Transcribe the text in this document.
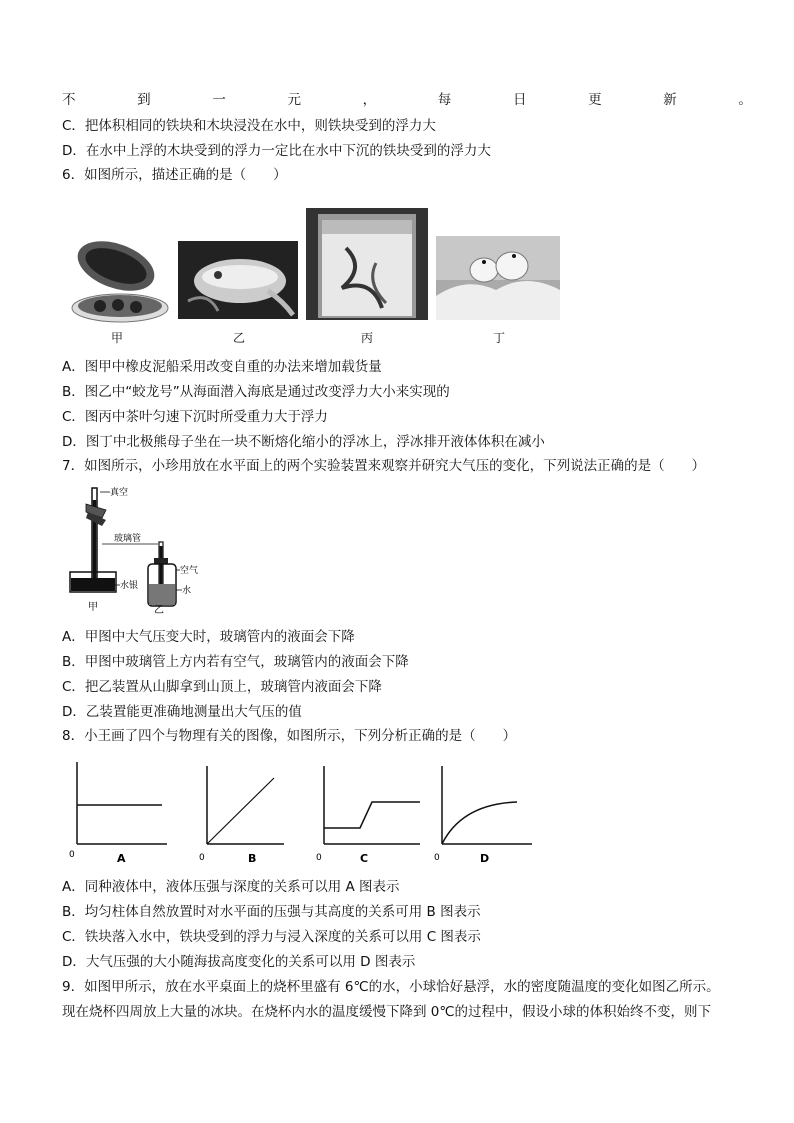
不	到	一	元	，	每	日	更	新	。
C．把体积相同的铁块和木块浸没在水中，则铁块受到的浮力大
D．在水中上浮的木块受到的浮力一定比在水中下沉的铁块受到的浮力大
6．如图所示，描述正确的是（　　）
甲	乙	丙	丁
A．图甲中橡皮泥船采用改变自重的办法来增加载货量
B．图乙中“蛟龙号”从海面潜入海底是通过改变浮力大小来实现的
C．图丙中茶叶匀速下沉时所受重力大于浮力
D．图丁中北极熊母子坐在一块不断熔化缩小的浮冰上，浮冰排开液体体积在减小
7．如图所示，小珍用放在水平面上的两个实验装置来观察并研究大气压的变化，下列说法正确的是（　　）
真空
水银
甲
玻璃管
空气
水
乙
A．甲图中大气压变大时，玻璃管内的液面会下降
B．甲图中玻璃管上方内若有空气，玻璃管内的液面会下降
C．把乙装置从山脚拿到山顶上，玻璃管内液面会下降
D．乙装置能更准确地测量出大气压的值
8．小王画了四个与物理有关的图像，如图所示，下列分析正确的是（　　）
0	A	0	B	0	C	0	D
A．同种液体中，液体压强与深度的关系可以用 A 图表示
B．均匀柱体自然放置时对水平面的压强与其高度的关系可用 B 图表示
C．铁块落入水中，铁块受到的浮力与浸入深度的关系可以用 C 图表示
D．大气压强的大小随海拔高度变化的关系可以用 D 图表示
9．如图甲所示，放在水平桌面上的烧杯里盛有 6℃的水，小球恰好悬浮，水的密度随温度的变化如图乙所示。
现在烧杯四周放上大量的冰块。在烧杯内水的温度缓慢下降到 0℃的过程中，假设小球的体积始终不变，则下
